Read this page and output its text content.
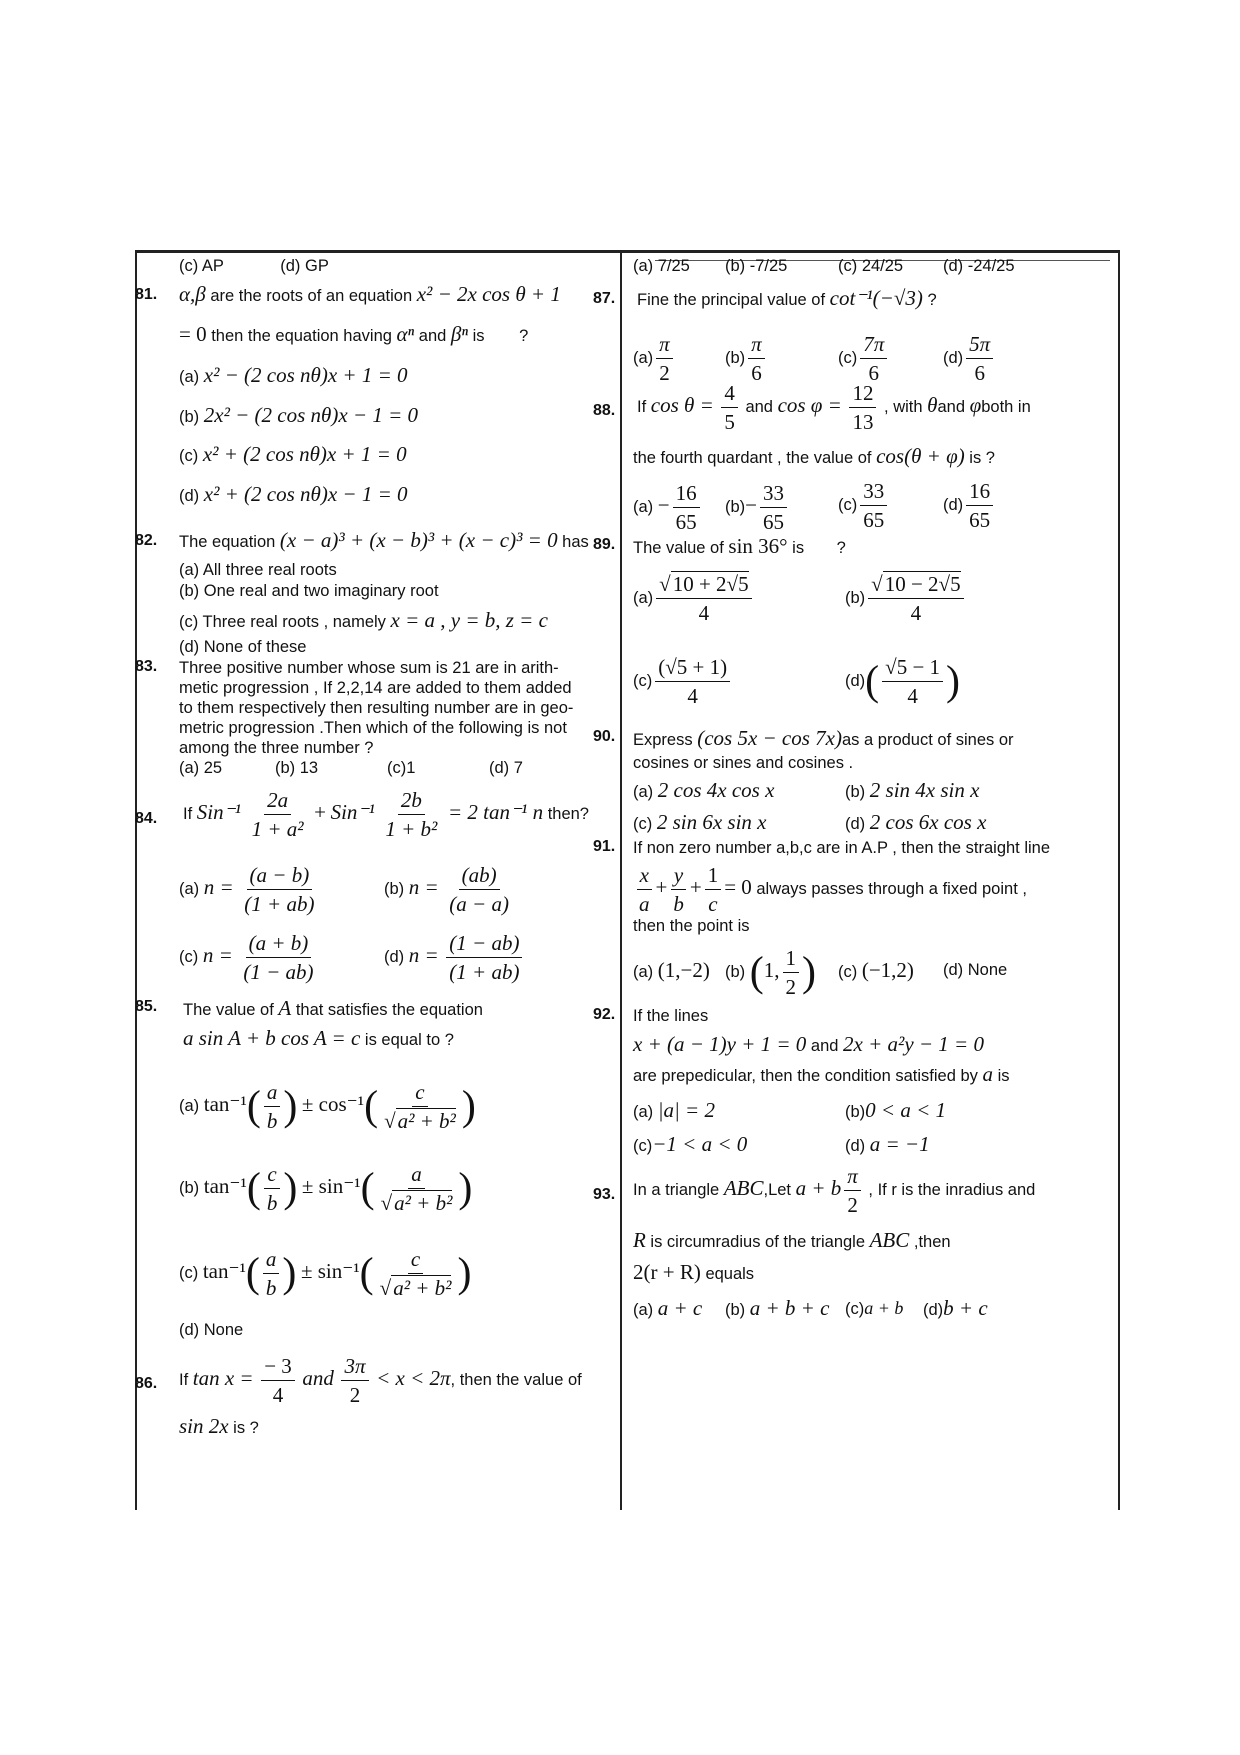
(c) AP	(d) GP
81. α,β are the roots of an equation x² − 2x cos θ + 1
= 0 then the equation having αⁿ and βⁿ is ?
(a) x² − (2 cos nθ)x + 1 = 0
(b) 2x² − (2 cos nθ)x − 1 = 0
(c) x² + (2 cos nθ)x + 1 = 0
(d) x² + (2 cos nθ)x − 1 = 0
82. The equation (x − a)³ + (x − b)³ + (x − c)³ = 0 has
(a) All three real roots
(b) One real and two imaginary root
(c) Three real roots , namely x = a , y = b, z = c
(d) None of these
83. Three positive number whose sum is 21 are in arith-
metic progression , If 2,2,14 are added to them added
to them respectively then resulting number are in geo-
metric progression .Then which of the following is not
among the three number ?
(a) 25	(b) 13	(c)1	(d) 7
84. If $Sin^{-1} \frac{2a}{\text{1 + a²}} + Sin^{-1} \frac{2b}{\text{1 + b²}} = 2$ tan⁻¹ n then?
(a) $n = \frac{(a - b)}{(1 + ab)}$	(b) $n = \frac{(ab)}{(a - a)}$
(c) $n = \frac{(a + b)}{(1 - ab)}$	(d) $n = \frac{(1 - ab)}{(1 + ab)}$
85. The value of A that satisfies the equation
a sin A + b cos A = c is equal to ?
(a) $\tan^{-1}( \frac{a}{b}$ ) ± $\cos^{-1}( \frac{c}{\text{√a² + b²}}$ )
(b) $\tan^{-1}( \frac{c}{b}$ ) ± $\sin^{-1}( \frac{a}{\text{√a² + b²}}$ )
(c) $\tan^{-1}( \frac{a}{b}$ ) ± $\sin^{-1}( \frac{c}{\text{√a² + b²}}$ )
(d) None
86. If $\tan x = \frac{- 3}{4}$ and $\frac{3\pi}{2} < x < 2\pi$, then the value of
sin 2x is ?
(a) 7/25 (b) -7/25	(c) 24/25 (d) -24/25
87. Fine the principal value of cot⁻¹(−√3) ?
$(a) \frac{\pi}{2}$	$(b) \frac{\pi}{6}$	$(c) \frac{7\pi}{6}$	$(d) \frac{5\pi}{6}$
88. If $\cos \theta = \frac{4}{5}$ and $\cos \varphi = \frac{12}{13}$ , with θand φboth in
the fourth quardant , the value of cos(θ + φ) is ?
$(a) - \frac{16}{65} (b)- \frac{33}{65}$	$(c) \frac{33}{65}$	$(d) \frac{16}{65}$
89. The value of sin 36° is ?
$(a) \frac{√10 + 2√5}{4}$	$(b) \frac{√10 - 2√5}{4}$
$(c) \frac{(√5 + 1)}{4}$	$(d)( \frac{√5 - 1}{4}$ )
90. Express (cos 5x − cos 7x)as a product of sines or
cosines or sines and cosines .
(a) 2 cos 4x cos x	(b) 2 sin 4x sin x
(c) 2 sin 6x sin x	(d) 2 cos 6x cos x
91. If non zero number a,b,c are in A.P , then the straight line
$\frac{x}{a} + \frac{y}{b} + \frac{1}{c} = 0$ always passes through a fixed point ,
then the point is
(a) (1,−2) (b) (1, $\frac{1}{2}$ ) (c) (−1,2) (d) None
92. If the lines
x + (a − 1)y + 1 = 0 and 2x + a²y − 1 = 0
are prepedicular, then the condition satisfied by a is
(a) |a| = 2	(b)0 < a < 1
(c)−1 < a < 0	(d) a = −1
93. In a triangle ABC,Let a + b $\frac{\pi}{2}$ , If r is the inradius and
R is circumradius of the triangle ABC ,then
2(r + R) equals
(a) a + c (b) a + b + c (c)a + b (d)b + c
